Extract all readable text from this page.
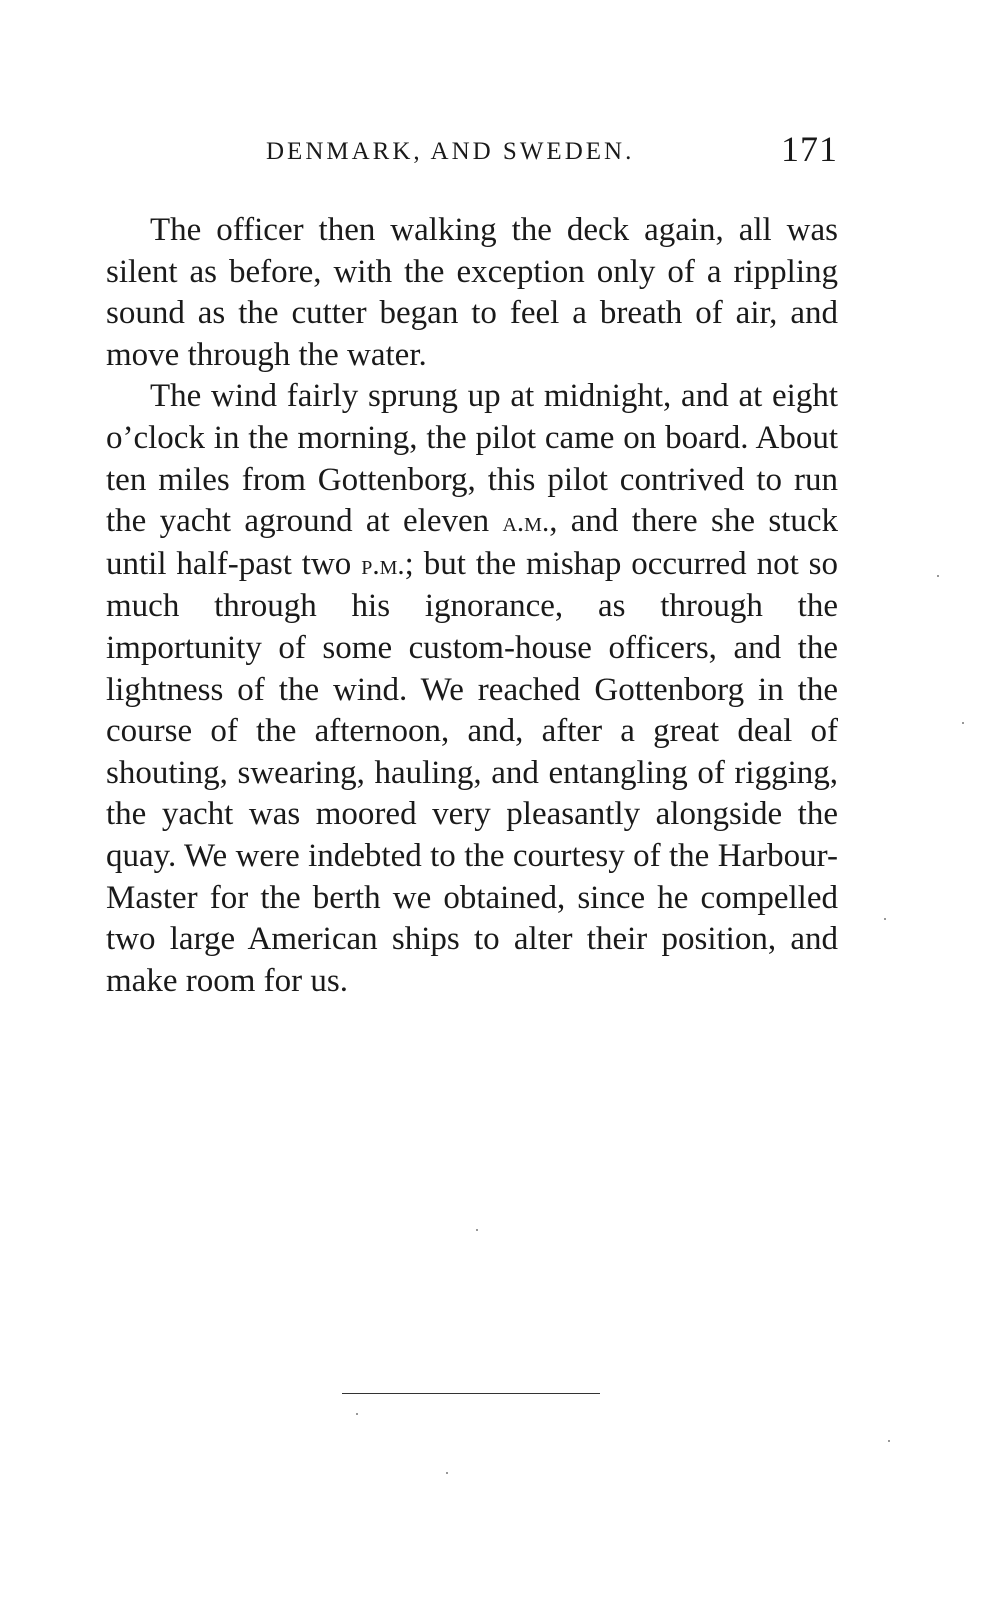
DENMARK, AND SWEDEN.	171

The officer then walking the deck again, all was silent as before, with the exception only of a rippling sound as the cutter began to feel a breath of air, and move through the water.

The wind fairly sprung up at midnight, and at eight o’clock in the morning, the pilot came on board. About ten miles from Gottenborg, this pilot contrived to run the yacht aground at eleven a.m., and there she stuck until half-past two p.m.; but the mishap occurred not so much through his ignorance, as through the importunity of some custom-house officers, and the lightness of the wind. We reached Gottenborg in the course of the afternoon, and, after a great deal of shouting, swearing, hauling, and entangling of rigging, the yacht was moored very pleasantly alongside the quay. We were indebted to the courtesy of the Harbour-Master for the berth we obtained, since he compelled two large American ships to alter their position, and make room for us.
